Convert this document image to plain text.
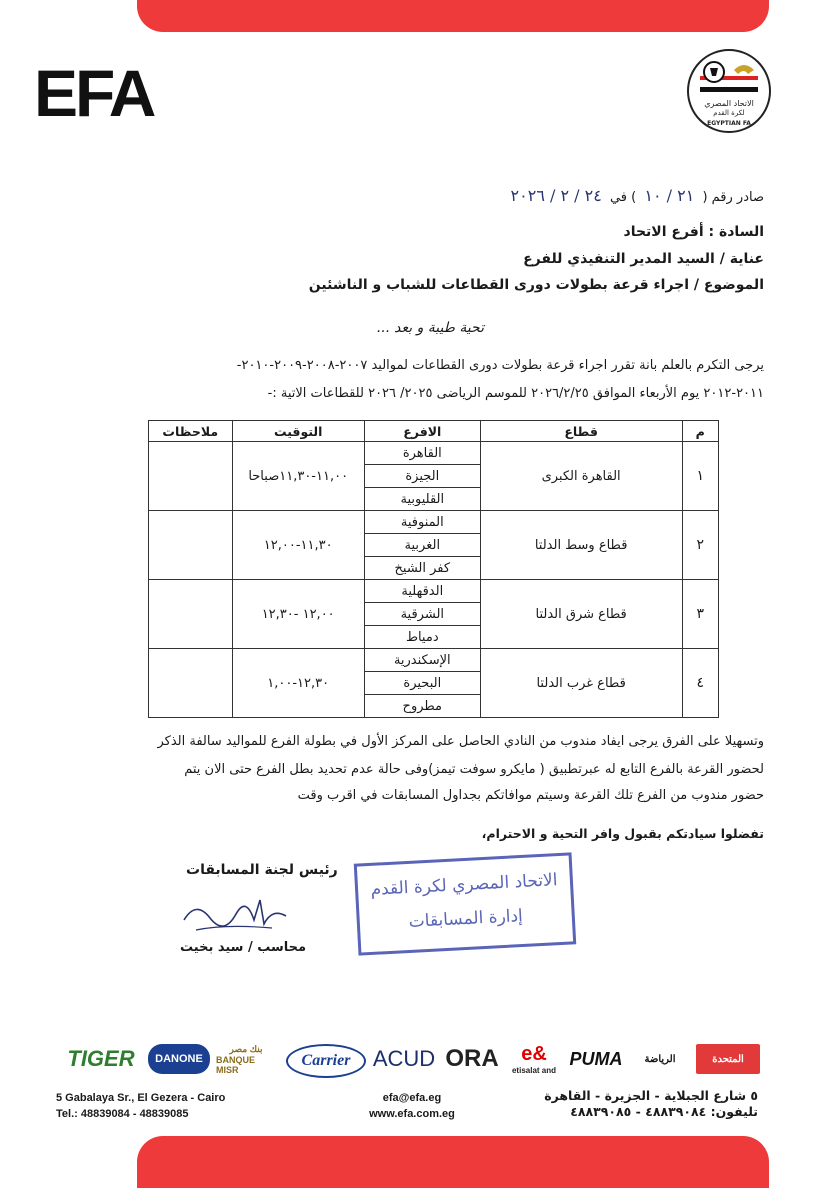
EFA	الاتحاد المصري
لكرة القدم
EGYPTIAN FA
صادر رقم ( ٢١ / ١٠ ) في ٢٤ / ٢ / ٢٠٢٦
السادة : أفرع الاتحاد
عناية / السيد المدير التنفيذي للفرع
الموضوع / اجراء قرعة بطولات دورى القطاعات للشباب و الناشئين
تحية طيبة و بعد ...
يرجى التكرم بالعلم بانة تقرر اجراء قرعة بطولات دورى القطاعات لمواليد ٢٠٠٧-٢٠٠٨-٢٠٠٩-٢٠١٠-
٢٠١١-٢٠١٢ يوم الأربعاء الموافق ٢٠٢٦/٢/٢٥ للموسم الرياضى ٢٠٢٥/ ٢٠٢٦ للقطاعات الاتية :-
م	قطاع	الافرع	التوقيت	ملاحظات
١	القاهرة الكبرى	القاهرة	١١,٠٠-١١,٣٠صباحا	
		الجيزة		
		القليوبية		
٢	قطاع وسط الدلتا	المنوفية	١١,٣٠-١٢,٠٠	
		الغربية		
		كفر الشيخ		
٣	قطاع شرق الدلتا	الدقهلية	١٢,٠٠ -١٢,٣٠	
		الشرقية		
		دمياط		
٤	قطاع غرب الدلتا	الإسكندرية	١٢,٣٠-١,٠٠	
		البحيرة		
		مطروح		
وتسهيلا على الفرق يرجى ايفاد مندوب من النادي الحاصل على المركز الأول في بطولة الفرع للمواليد سالفة الذكر
لحضور القرعة بالفرع التابع له عبرتطبيق ( مايكرو سوفت تيمز)وفى حالة عدم تحديد بطل الفرع حتى الان يتم
حضور مندوب من الفرع تلك القرعة وسيتم موافاتكم بجداول المسابقات في اقرب وقت
تفضلوا سيادتكم بقبول وافر التحية و الاحترام،
رئيس لجنة المسابقات
محاسب / سيد بخيت
الاتحاد المصري لكرة القدم
إدارة المسابقات
TIGER	DANONE
بنك مصر
BANQUE MISR
Carrier	ACUD ORA e&
etisalat and
PUMA	الرياضة	المتحدة
5 Gabalaya Sr., El Gezera - Cairo
Tel.: 48839084 - 48839085
efa@efa.eg
www.efa.com.eg
٥ شارع الجبلاية - الجزيرة - القاهرة
تليفون: ٤٨٨٣٩٠٨٤ - ٤٨٨٣٩٠٨٥
